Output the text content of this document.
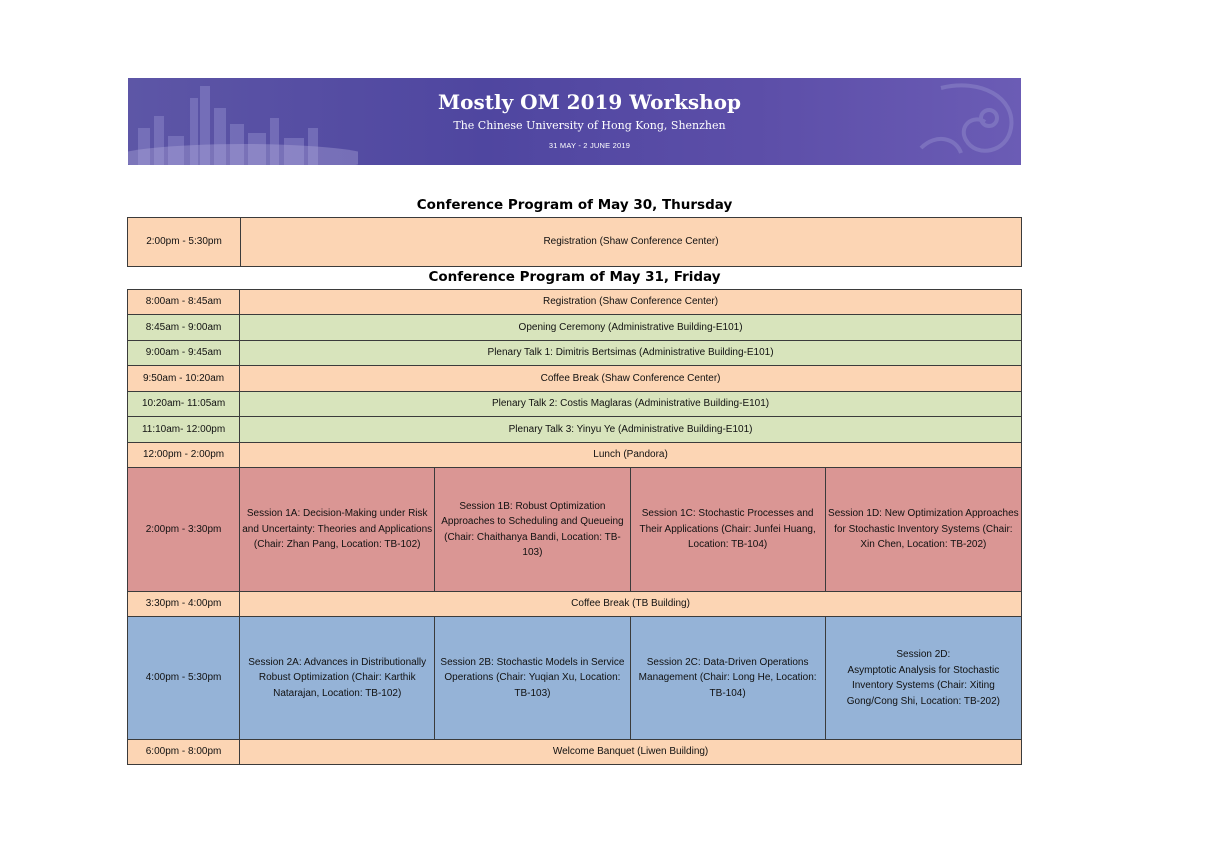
Mostly OM 2019 Workshop
The Chinese University of Hong Kong, Shenzhen
31 MAY - 2 JUNE 2019
Conference Program of May 30, Thursday
2:00pm - 5:30pm	Registration (Shaw Conference Center)
Conference Program of May 31, Friday
8:00am - 8:45am	Registration (Shaw Conference Center)			
8:45am - 9:00am	Opening Ceremony (Administrative Building-E101)			
9:00am - 9:45am	Plenary Talk 1: Dimitris Bertsimas (Administrative Building-E101)			
9:50am - 10:20am	Coffee Break (Shaw Conference Center)			
10:20am- 11:05am	Plenary Talk 2: Costis Maglaras (Administrative Building-E101)			
11:10am- 12:00pm	Plenary Talk 3: Yinyu Ye (Administrative Building-E101)			
12:00pm - 2:00pm	Lunch (Pandora)			
2:00pm - 3:30pm	Session 1A: Decision-Making under Risk and Uncertainty: Theories and Applications (Chair: Zhan Pang, Location: TB-102)	Session 1B: Robust Optimization Approaches to Scheduling and Queueing (Chair: Chaithanya Bandi, Location: TB-103)	Session 1C: Stochastic Processes and Their Applications (Chair: Junfei Huang, Location: TB-104)	Session 1D: New Optimization Approaches for Stochastic Inventory Systems (Chair: Xin Chen, Location: TB-202)
3:30pm - 4:00pm	Coffee Break (TB Building)			
4:00pm - 5:30pm	Session 2A: Advances in Distributionally Robust Optimization (Chair: Karthik Natarajan, Location: TB-102)	Session 2B: Stochastic Models in Service Operations (Chair: Yuqian Xu, Location: TB-103)	Session 2C: Data-Driven Operations Management (Chair: Long He, Location: TB-104)	Session 2D:
Asymptotic Analysis for Stochastic Inventory Systems (Chair: Xiting Gong/Cong Shi, Location: TB-202)
6:00pm - 8:00pm	Welcome Banquet (Liwen Building)			
